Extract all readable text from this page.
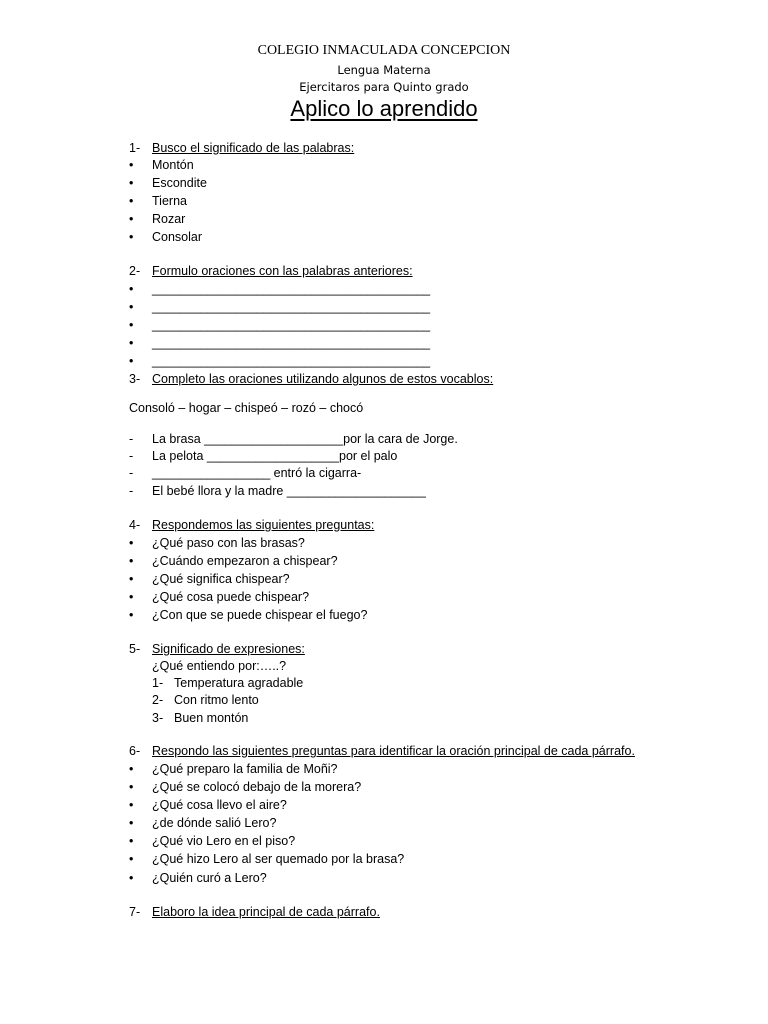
COLEGIO INMACULADA CONCEPCION
Lengua Materna
Ejercitaros para Quinto grado
Aplico lo aprendido
1- Busco el significado de las palabras:
• Montón
• Escondite
• Tierna
• Rozar
• Consolar
2- Formulo oraciones con las palabras anteriores:
• ________________________________________
• ________________________________________
• ________________________________________
• ________________________________________
• ________________________________________
3- Completo las oraciones utilizando algunos de estos vocablos:
Consoló – hogar – chispeó – rozó – chocó
- La brasa ____________________por la cara de Jorge.
- La pelota ___________________por el palo
- _________________ entró la cigarra-
- El bebé llora y la madre ____________________
4- Respondemos las siguientes preguntas:
• ¿Qué paso con las brasas?
• ¿Cuándo empezaron a chispear?
• ¿Qué significa chispear?
• ¿Qué cosa puede chispear?
• ¿Con que se puede chispear el fuego?
5- Significado de expresiones:
¿Qué entiendo por:…..?
1- Temperatura agradable
2- Con ritmo lento
3- Buen montón
6- Respondo las siguientes preguntas para identificar la oración principal de cada párrafo.
• ¿Qué preparo la familia de Moñi?
• ¿Qué se colocó debajo de la morera?
• ¿Qué cosa llevo el aire?
• ¿de dónde salió Lero?
• ¿Qué vio Lero en el piso?
• ¿Qué hizo Lero al ser quemado por la brasa?
• ¿Quién curó a Lero?
7- Elaboro la idea principal de cada párrafo.
